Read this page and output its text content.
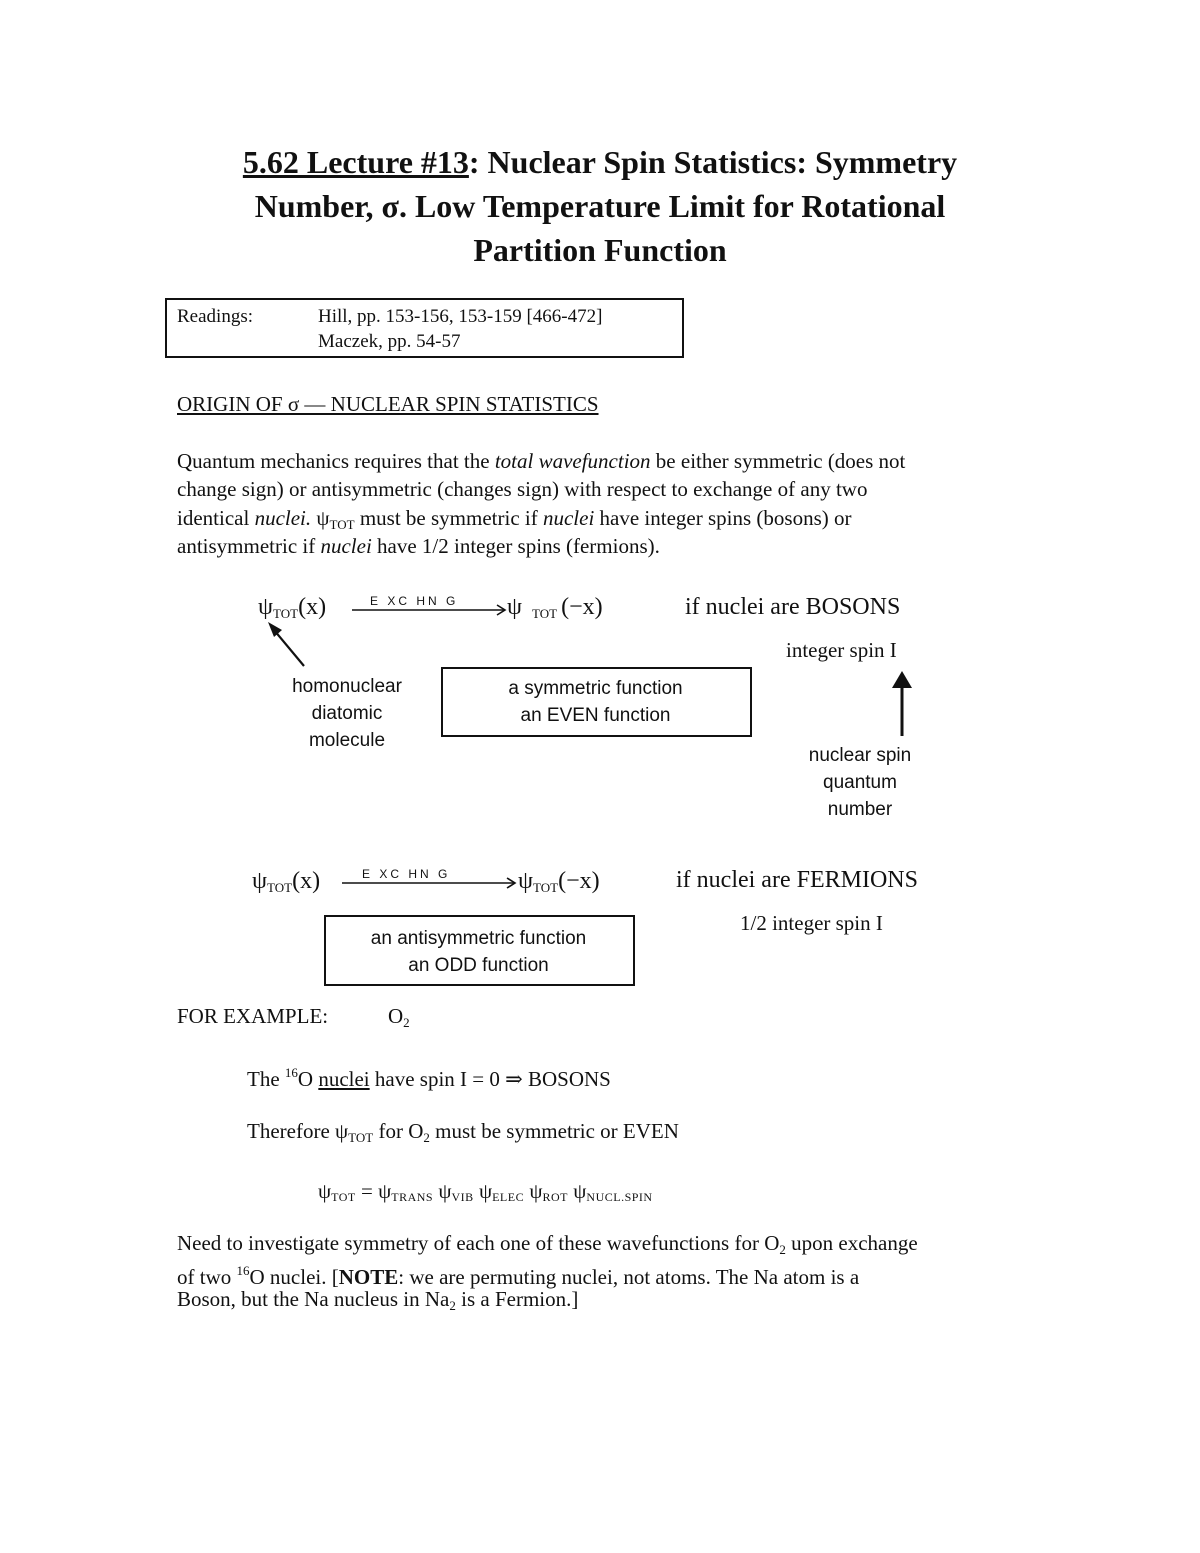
5.62 Lecture #13: Nuclear Spin Statistics: Symmetry
Number, σ. Low Temperature Limit for Rotational
Partition Function
Readings:	Hill, pp. 153-156, 153-159 [466-472]
Maczek, pp. 54-57
ORIGIN OF σ — NUCLEAR SPIN STATISTICS
Quantum mechanics requires that the total wavefunction be either symmetric (does not
change sign) or antisymmetric (changes sign) with respect to exchange of any two
identical nuclei. $\psi_{TOT}$ must be symmetric if nuclei have integer spins (bosons) or
antisymmetric if nuclei have 1/2 integer spins (fermions).
$\psi_{TOT}(x)$	E XC HN G ψ $_{TOT}$ (−x)	if nuclei are BOSONS
integer spin I
homonuclear
diatomic
molecule
a symmetric function
an EVEN function
nuclear spin
quantum
number
$\psi_{TOT}(x)$	E XC HN G	$\psi_{TOT}(-x)$	if nuclei are FERMIONS
1/2 integer spin I
an antisymmetric function
an ODD function
FOR EXAMPLE:	$O_2$
The $^{16}$O nuclei have spin I = 0 ⇒ BOSONS
Therefore $\psi_{TOT}$ for $O_2$ must be symmetric or EVEN
ψTOT = ψTRANS ψVIB ψELEC ψROT ψNUCL.SPIN
Need to investigate symmetry of each one of these wavefunctions for $O_2$ upon exchange
of two $^{16}$O nuclei. [NOTE: we are permuting nuclei, not atoms. The Na atom is a
Boson, but the Na nucleus in $Na_2$ is a Fermion.]
